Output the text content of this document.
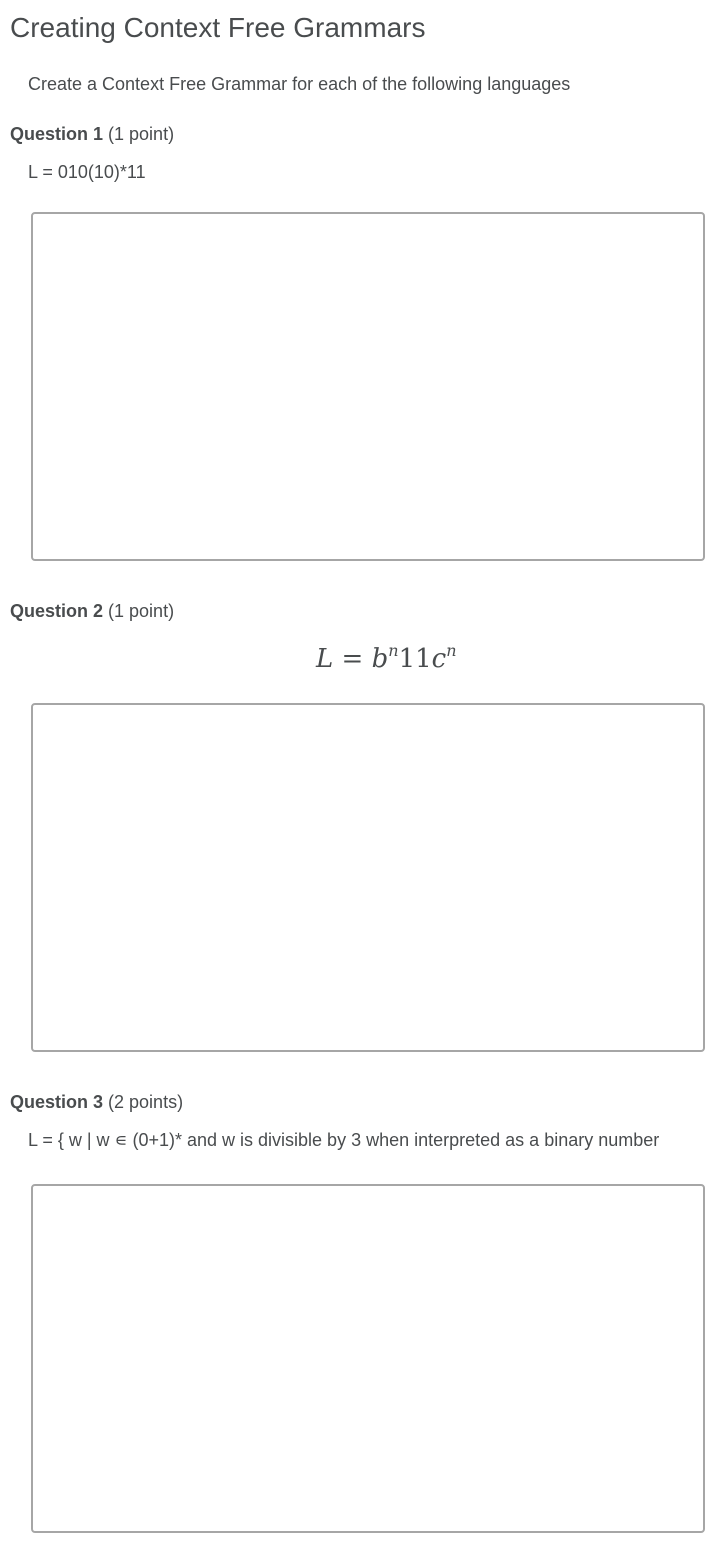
Creating Context Free Grammars
Create a Context Free Grammar for each of the following languages
Question 1 (1 point)
L = 010(10)*11
Question 2 (1 point)
$L = b^n11c^n$
Question 3 (2 points)
L = { w | w ∊ (0+1)* and w is divisible by 3 when interpreted as a binary number
